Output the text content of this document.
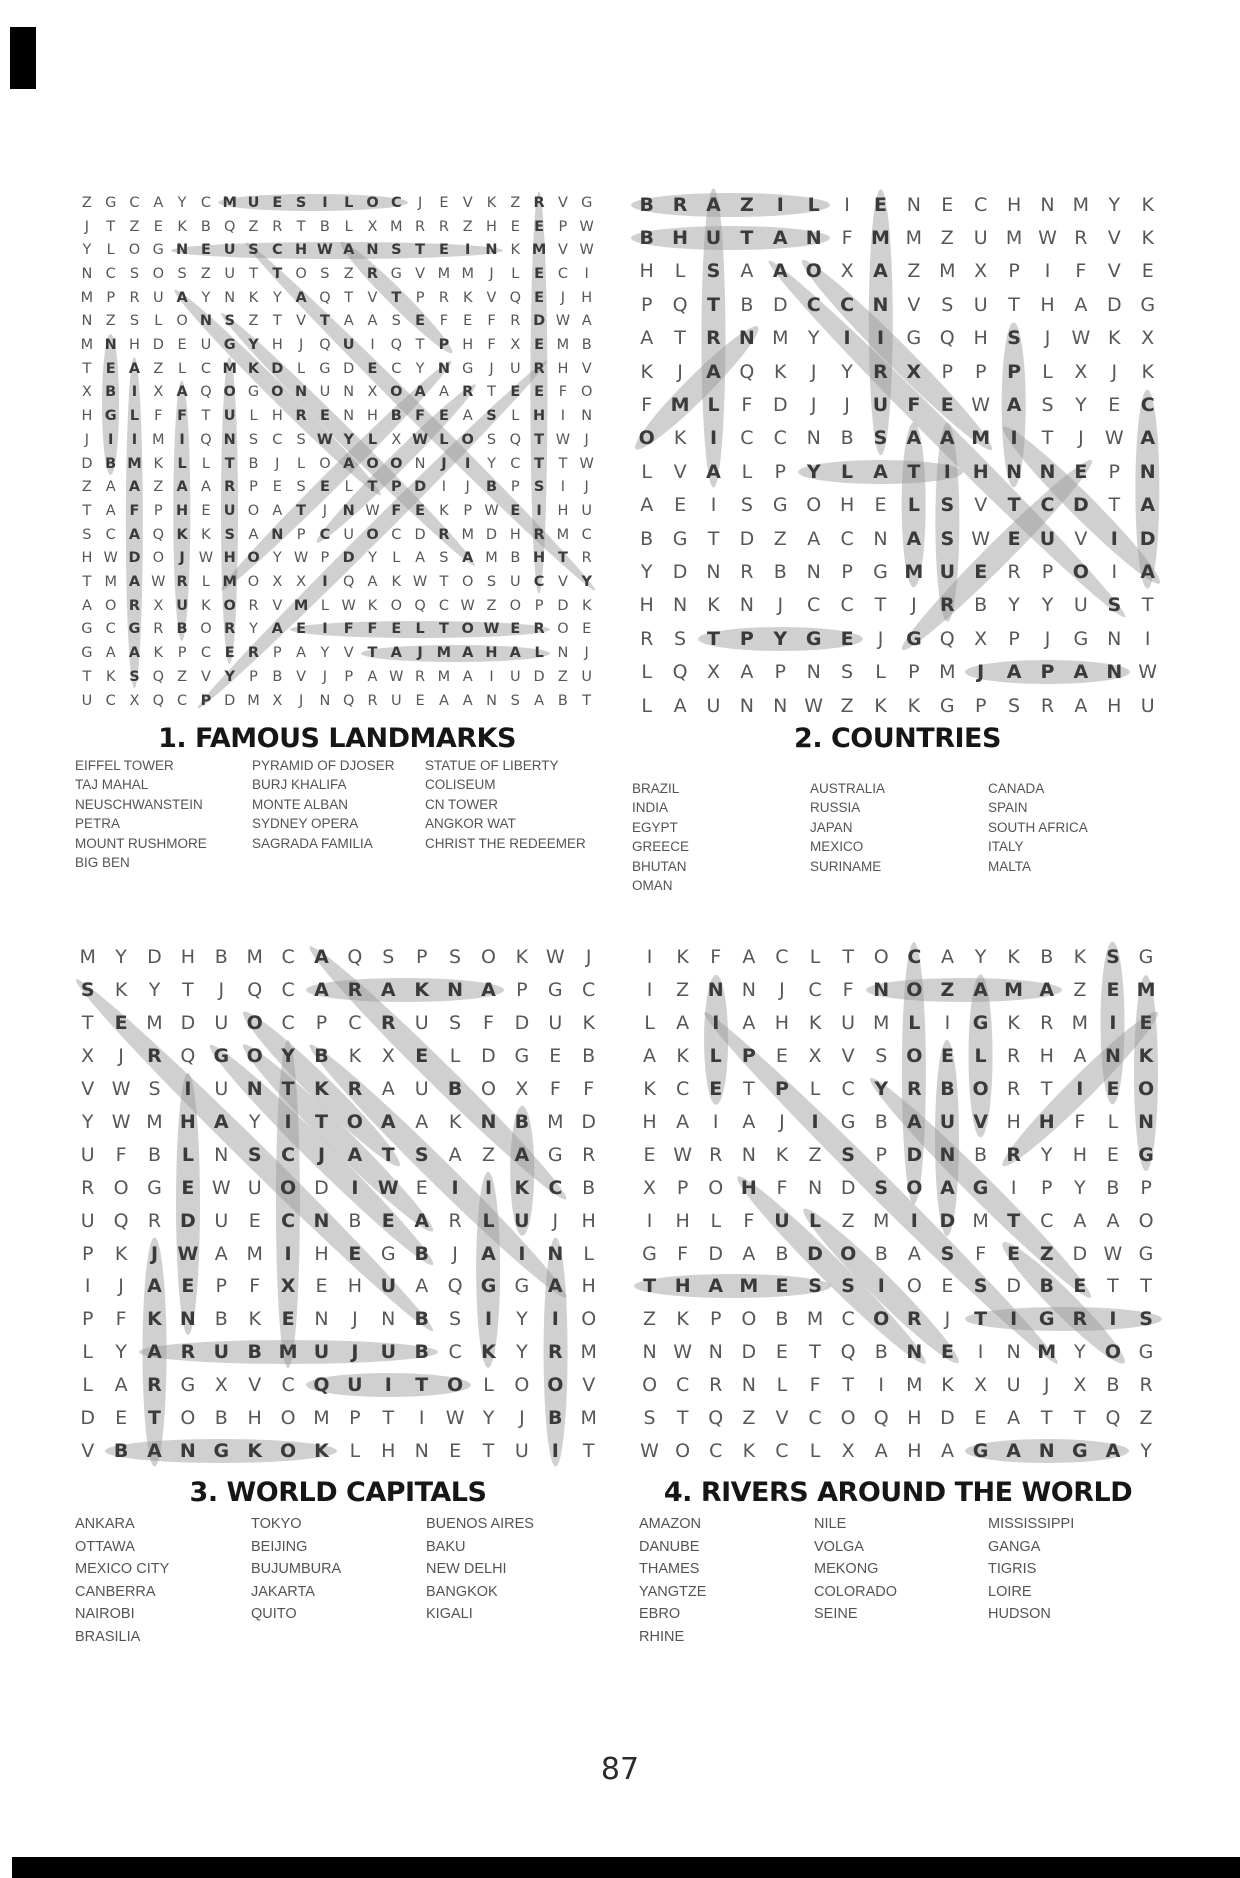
Z G C A Y C M U E S	I	L O C	J	E V K Z R V G
J	T Z E K B Q Z R T B	L	X M R R Z H E E P W
Y	L O G N E U S C H W A N S T E	I	N K M V W
N C S O S Z U T T O S Z R G V M M	J	L	E C	I
M P R U A Y N K	Y A Q T V T P R K V Q E	J	H
N Z S	L O N S Z T V T A A S E	F	E	F	R D W A
M N H D E U G Y H	J	Q U	I	Q T P H F	X E M B
T E A Z	L	C M K D L G D E C Y N G	J	U R H V
X B	I	X A Q O G O N U N X O A A R T E E	F O
H G L	F	F T U L H R E N H B F E A S	L H	I	N
J	I	I	M	I	Q N S C S W Y L X W L O S Q T W J
D B M K L	L	T B	J	L O A O O N	J	I	Y C T T W
Z A A Z A A R P	E	S E	L	T P D	I	J	B P S	I	J
T A F P H E U O A T	J	N W F E K	P W E	I	H U
S C A Q K K S A N P C U O C D R M D H R M C
H W D O	J W H O Y W P D Y	L	A S A M B H T R
T M A W R L M O X X	I	Q A K W T O S U C V Y
A O R X U K O R V M L W K O Q C W Z O P D K
G C G R B O R Y A E	I	F F E L T O W E R O E
G A A K	P C E R P A Y V T A	J M A H A L N	J
T	K S Q Z V Y P B V	J	P A W R M A	I	U D Z U
U C X Q C P D M X	J	N Q R U E A A N S A B T
1. FAMOUS LANDMARKS
EIFFEL TOWER
TAJ MAHAL
NEUSCHWANSTEIN
PETRA
MOUNT RUSHMORE
BIG BEN
PYRAMID OF DJOSER
BURJ KHALIFA
MONTE ALBAN
SYDNEY OPERA
SAGRADA FAMILIA
STATUE OF LIBERTY
COLISEUM
CN TOWER
ANGKOR WAT
CHRIST THE REDEEMER
B R A	Z	I	L	I	E	N	E	C	H	N M	Y	K
B H U	T	A N	F M M Z	U M W R	V	K
H	L	S	A	A O X	A	Z M X	P	I	F	V	E
P	Q	T	B	D	C	C N V	S	U	T	H	A	D G
A	T	R N M	Y	I	I	G Q H	S	J	W K	X
K	J	A Q	K	J	Y	R X	P	P	P	L	X	J	K
F M L	F	D	J	J	U	F	E W A	S	Y	E	C
O	K	I	C	C	N	B	S	A A M	I	T	J	W A
L	V	A	L	P	Y	L	A	T	I	H N N E	P	N
A	E	I	S	G O H	E	L	S	V	T	C D	T	A
B	G	T	D	Z	A	C	N A	S W E	U	V	I	D
Y	D N	R	B	N	P	G M U	E	R	P	O	I	A
H	N	K	N	J	C	C	T	J	R	B	Y	Y	U	S	T
R	S	T	P	Y G	E	J	G Q	X	P	J	G N	I
L	Q	X	A	P	N	S	L	P	M	J	A	P	A N W
L	A	U	N	N W Z	K	K	G	P	S	R	A	H	U
2. COUNTRIES
BRAZIL
INDIA
EGYPT
GREECE
BHUTAN
OMAN
AUSTRALIA
RUSSIA
JAPAN
MEXICO
SURINAME
CANADA
SPAIN
SOUTH AFRICA
ITALY
MALTA
M	Y	D H	B M C	A Q	S	P	S	O	K W	J
S	K	Y	T	J	Q	C	A R A K N A	P	G	C
T	E M D	U O C	P	C	R	U	S	F	D	U	K
X	J	R Q G O Y	B	K	X	E	L	D G	E	B
V W S	I	U N T	K R	A	U	B O	X	F	F
Y W M H A	Y	I	T O A	A	K	N B M D
U	F	B	L	N	S	C	J	A	T	S	A	Z	A G	R
R	O G	E W U O D	I	W E	I	I	K	C	B
U Q	R D U	E	C N B	E	A	R	L	U	J	H
P	K	J	W A M	I	H	E	G B	J	A	I	N	L
I	J	A	E	P	F	X	E	H U	A	Q G G A H
P	F	K N B	K	E	N	J	N	B	S	I	Y	I	O
L	Y	A R U B M U	J	U B	C	K	Y	R M
L	A	R G	X	V	C Q U	I	T O	L	O O V
D	E	T	O	B	H O M	P	T	I	W Y	J	B M
V	B A N G K O K	L	H	N	E	T	U	I	T
3. WORLD CAPITALS
ANKARA
OTTAWA
MEXICO CITY
CANBERRA
NAIROBI
BRASILIA
TOKYO
BEIJING
BUJUMBURA
JAKARTA
QUITO
BUENOS AIRES
BAKU
NEW DELHI
BANGKOK
KIGALI
I	K	F	A	C	L	T	O C	A	Y	K	B	K	S G
I	Z N N	J	C	F	N O Z A M A	Z	E M
L	A	I	A	H	K	U M L	I	G	K	R M	I	E
A	K	L	P	E	X	V	S	O E	L	R	H	A N K
K	C	E	T	P	L	C	Y R B O R	T	I	E O
H	A	I	A	J	I	G	B	A U V H H	F	L	N
E W R	N	K	Z	S	P	D N B	R	Y	H	E	G
X	P	O H	F	N D S O A G	I	P	Y	B	P
I	H	L	F	U	L	Z M	I	D M T	C	A	A	O
G	F	D	A	B D O B	A	S	F	E	Z D W G
T H A M E	S	S	I	O	E	S D B	E	T	T
Z	K	P	O	B M C O R	J	T	I	G R	I	S
N W N D	E	T	Q	B N E	I	N M Y	O G
O C	R	N	L	F	T	I	M K	X	U	J	X	B	R
S	T	Q	Z	V	C O Q H D	E	A	T	T	Q	Z
W O C	K	C	L	X	A	H	A G A N G A	Y
4. RIVERS AROUND THE WORLD
AMAZON
DANUBE
THAMES
YANGTZE
EBRO
RHINE
NILE
VOLGA
MEKONG
COLORADO
SEINE
MISSISSIPPI
GANGA
TIGRIS
LOIRE
HUDSON
87
